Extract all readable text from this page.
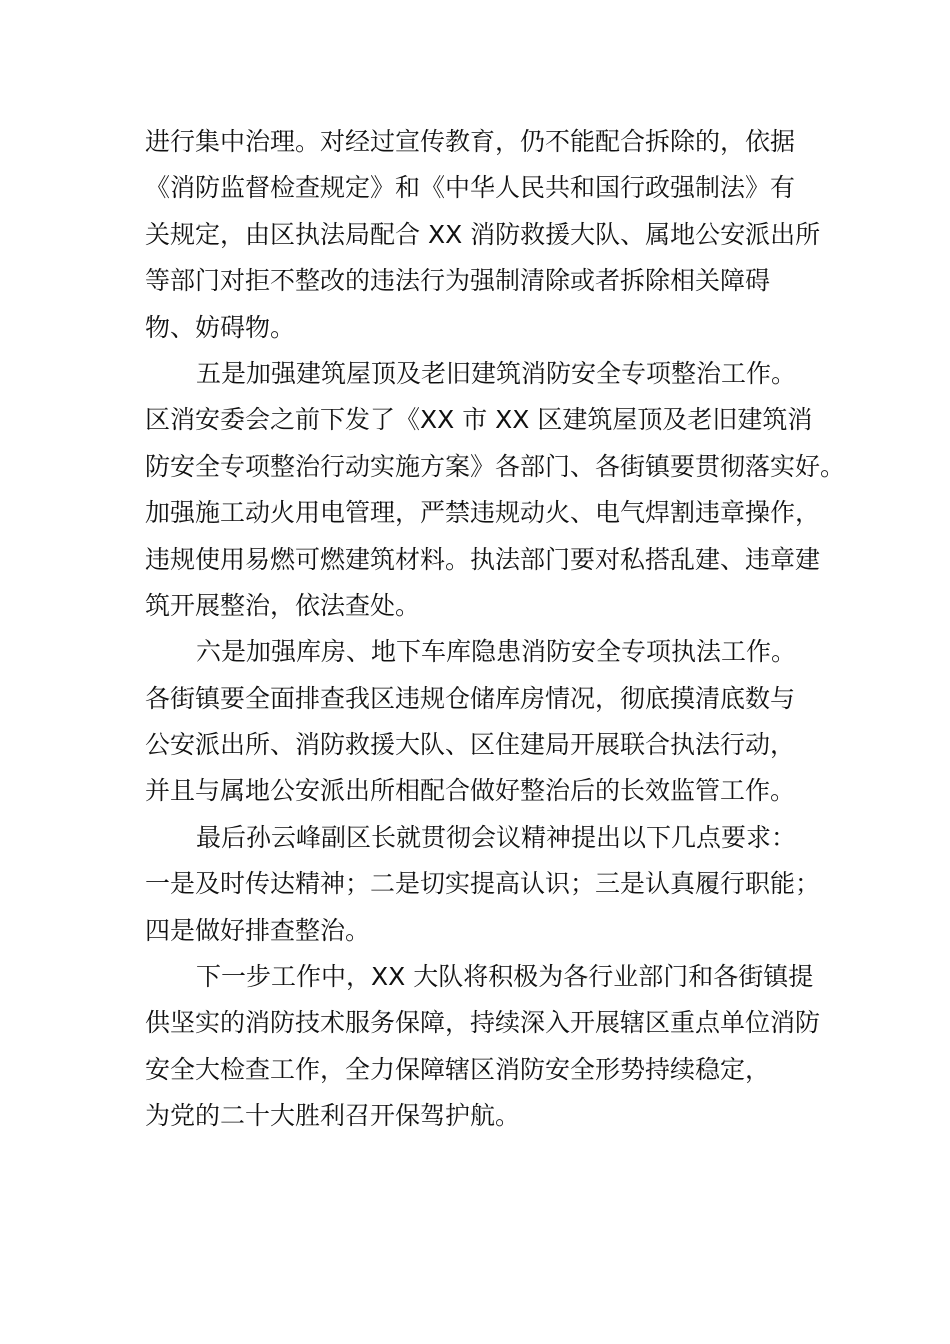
进行集中治理。对经过宣传教育，仍不能配合拆除的，依据
《消防监督检查规定》和《中华人民共和国行政强制法》有
关规定，由区执法局配合 XX 消防救援大队、属地公安派出所
等部门对拒不整改的违法行为强制清除或者拆除相关障碍
物、妨碍物。
五是加强建筑屋顶及老旧建筑消防安全专项整治工作。
区消安委会之前下发了《XX 市 XX 区建筑屋顶及老旧建筑消
防安全专项整治行动实施方案》各部门、各街镇要贯彻落实好。
加强施工动火用电管理，严禁违规动火、电气焊割违章操作，
违规使用易燃可燃建筑材料。执法部门要对私搭乱建、违章建
筑开展整治，依法查处。
六是加强库房、地下车库隐患消防安全专项执法工作。
各街镇要全面排查我区违规仓储库房情况，彻底摸清底数与
公安派出所、消防救援大队、区住建局开展联合执法行动，
并且与属地公安派出所相配合做好整治后的长效监管工作。
最后孙云峰副区长就贯彻会议精神提出以下几点要求：
一是及时传达精神；二是切实提高认识；三是认真履行职能；
四是做好排查整治。
下一步工作中，XX 大队将积极为各行业部门和各街镇提
供坚实的消防技术服务保障，持续深入开展辖区重点单位消防
安全大检查工作，全力保障辖区消防安全形势持续稳定，
为党的二十大胜利召开保驾护航。
